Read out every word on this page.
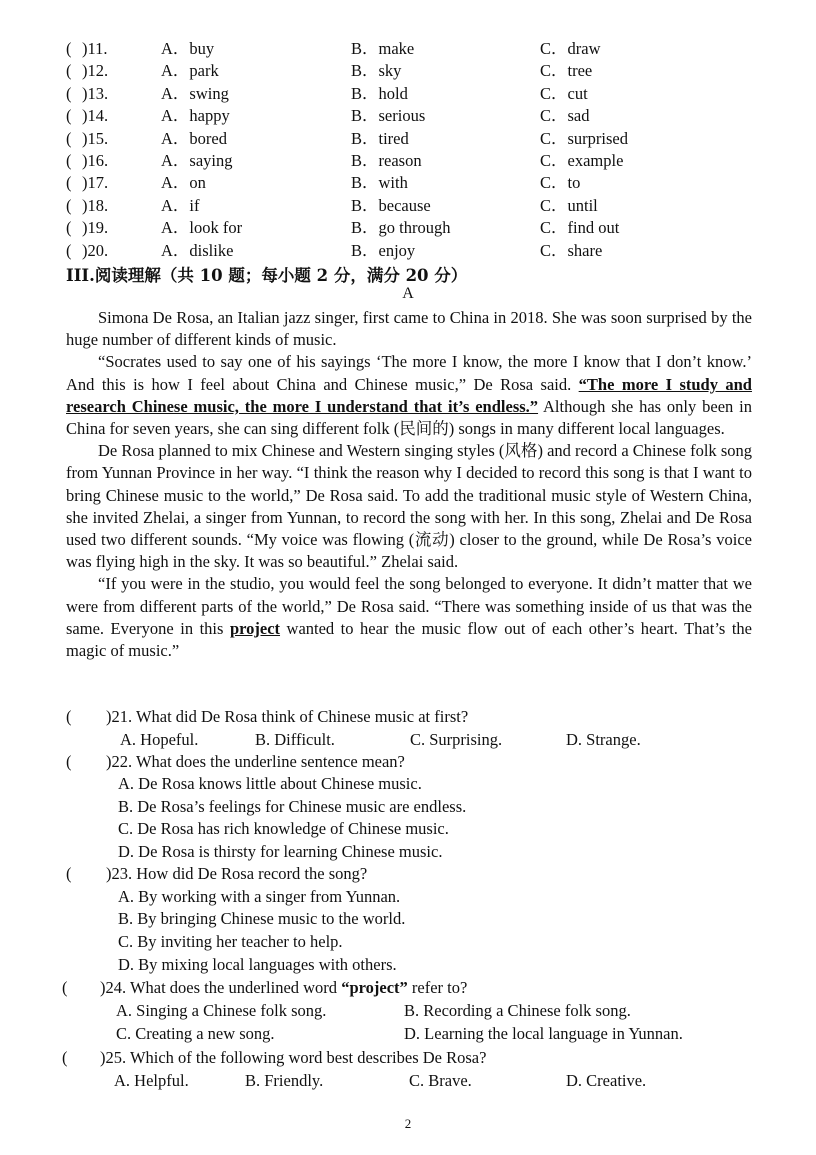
( )11.	A．buy	B．make	C．draw
( )12.	A．park	B．sky	C．tree
( )13.	A．swing	B．hold	C．cut
( )14.	A．happy	B．serious	C．sad
( )15.	A．bored	B．tired	C．surprised
( )16.	A．saying	B．reason	C．example
( )17.	A．on	B．with	C．to
( )18.	A．if	B．because	C．until
( )19.	A．look for	B．go through	C．find out
( )20.	A．dislike	B．enjoy	C．share
III.阅读理解（共 10 题；每小题 2 分，满分 20 分）
A

Simona De Rosa, an Italian jazz singer, first came to China in 2018. She was soon surprised by the huge number of different kinds of music.

“Socrates used to say one of his sayings ‘The more I know, the more I know that I don’t know.’ And this is how I feel about China and Chinese music,” De Rosa said. “The more I study and research Chinese music, the more I understand that it’s endless.” Although she has only been in China for seven years, she can sing different folk (民间的) songs in many different local languages.

De Rosa planned to mix Chinese and Western singing styles (风格) and record a Chinese folk song from Yunnan Province in her way. “I think the reason why I decided to record this song is that I want to bring Chinese music to the world,” De Rosa said. To add the traditional music style of Western China, she invited Zhelai, a singer from Yunnan, to record the song with her. In this song, Zhelai and De Rosa used two different sounds. “My voice was flowing (流动) closer to the ground, while De Rosa’s voice was flying high in the sky. It was so beautiful.” Zhelai said.

“If you were in the studio, you would feel the song belonged to everyone. It didn’t matter that we were from different parts of the world,” De Rosa said. “There was something inside of us that was the same. Everyone in this project wanted to hear the music flow out of each other’s heart. That’s the magic of music.”

( )21. What did De Rosa think of Chinese music at first?
A. Hopeful.	B. Difficult.	C. Surprising.	D. Strange.
( )22. What does the underline sentence mean?
A. De Rosa knows little about Chinese music.
B. De Rosa’s feelings for Chinese music are endless.
C. De Rosa has rich knowledge of Chinese music.
D. De Rosa is thirsty for learning Chinese music.
( )23. How did De Rosa record the song?
A. By working with a singer from Yunnan.
B. By bringing Chinese music to the world.
C. By inviting her teacher to help.
D. By mixing local languages with others.
( )24. What does the underlined word “project” refer to?
A. Singing a Chinese folk song.	B. Recording a Chinese folk song.
C. Creating a new song.	D. Learning the local language in Yunnan.
( )25. Which of the following word best describes De Rosa?
A. Helpful.	B. Friendly.	C. Brave.	D. Creative.
2
